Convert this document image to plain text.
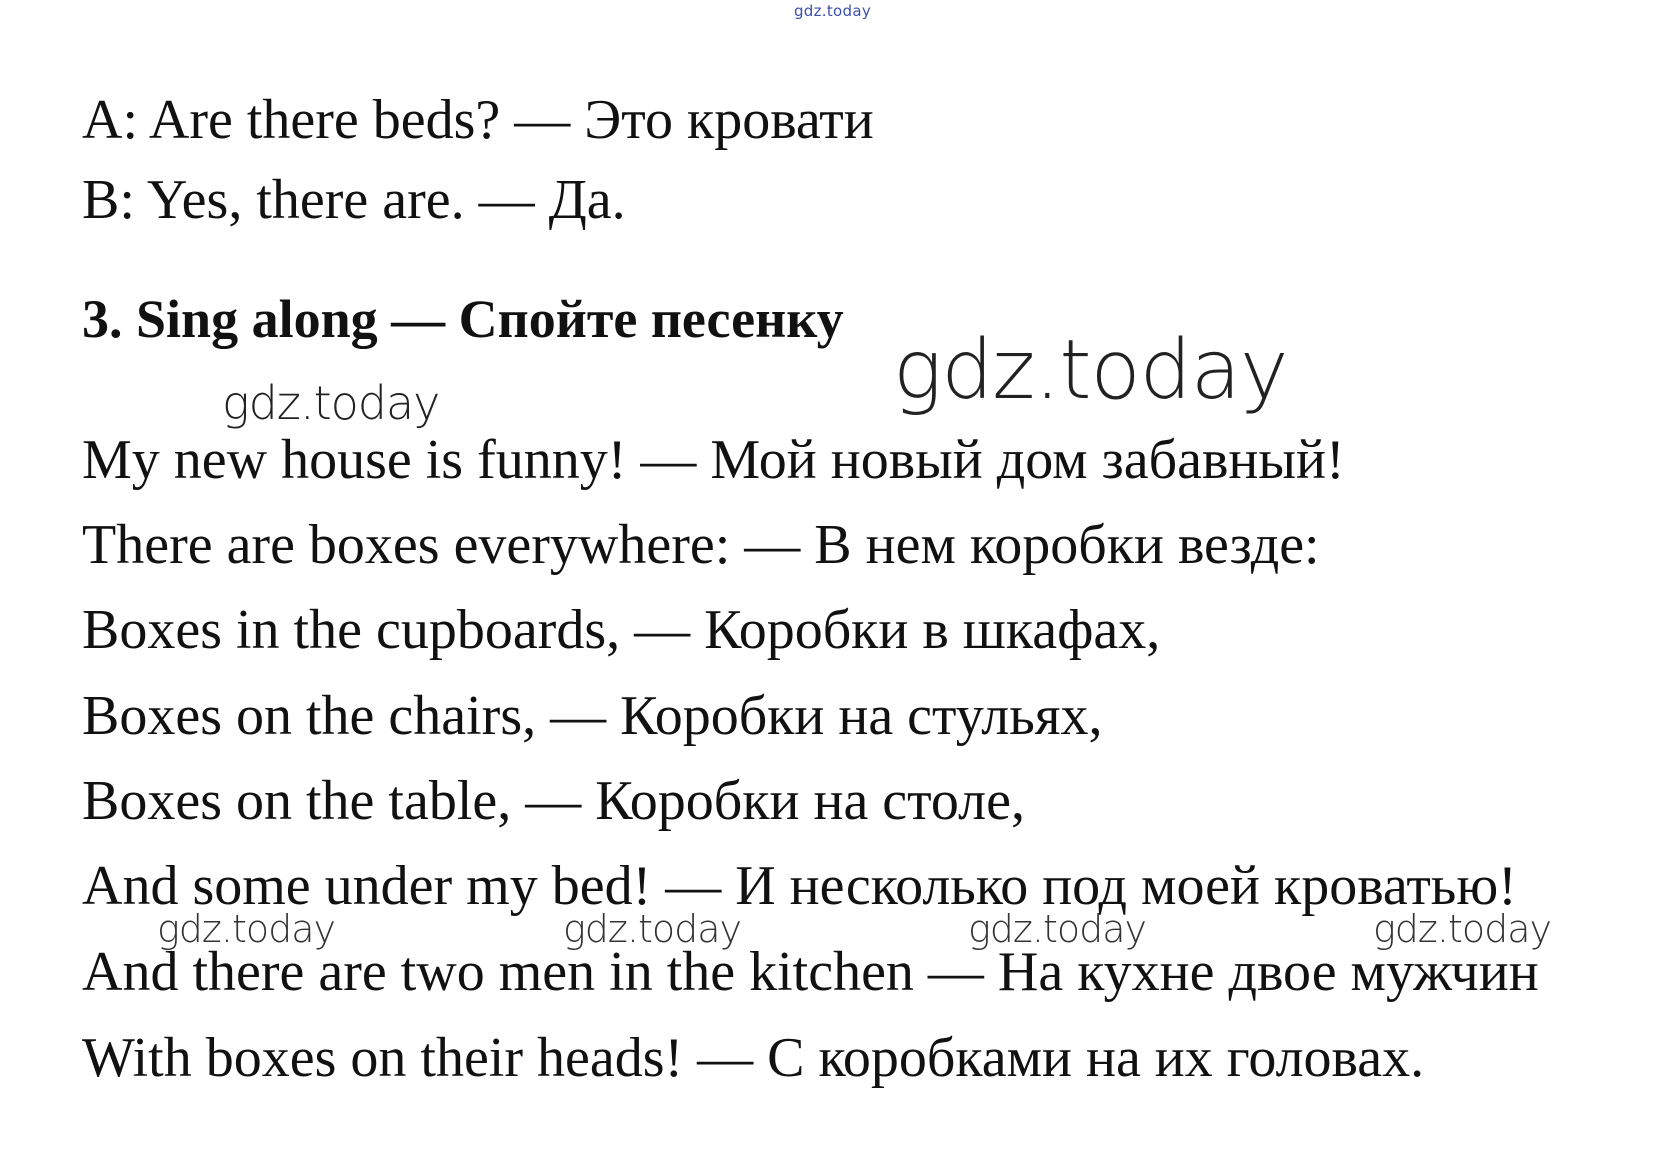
gdz.today
A: Are there beds? — Это кровати
B: Yes, there are. — Да.
3. Sing along — Спойте песенку
gdz.today
gdz.today
My new house is funny! — Мой новый дом забавный!
There are boxes everywhere: — В нем коробки везде:
Boxes in the cupboards, — Коробки в шкафах,
Boxes on the chairs, — Коробки на стульях,
Boxes on the table, — Коробки на столе,
And some under my bed! — И несколько под моей кроватью!
gdz.today	gdz.today	gdz.today	gdz.today
And there are two men in the kitchen — На кухне двое мужчин
With boxes on their heads! — С коробками на их головах.
